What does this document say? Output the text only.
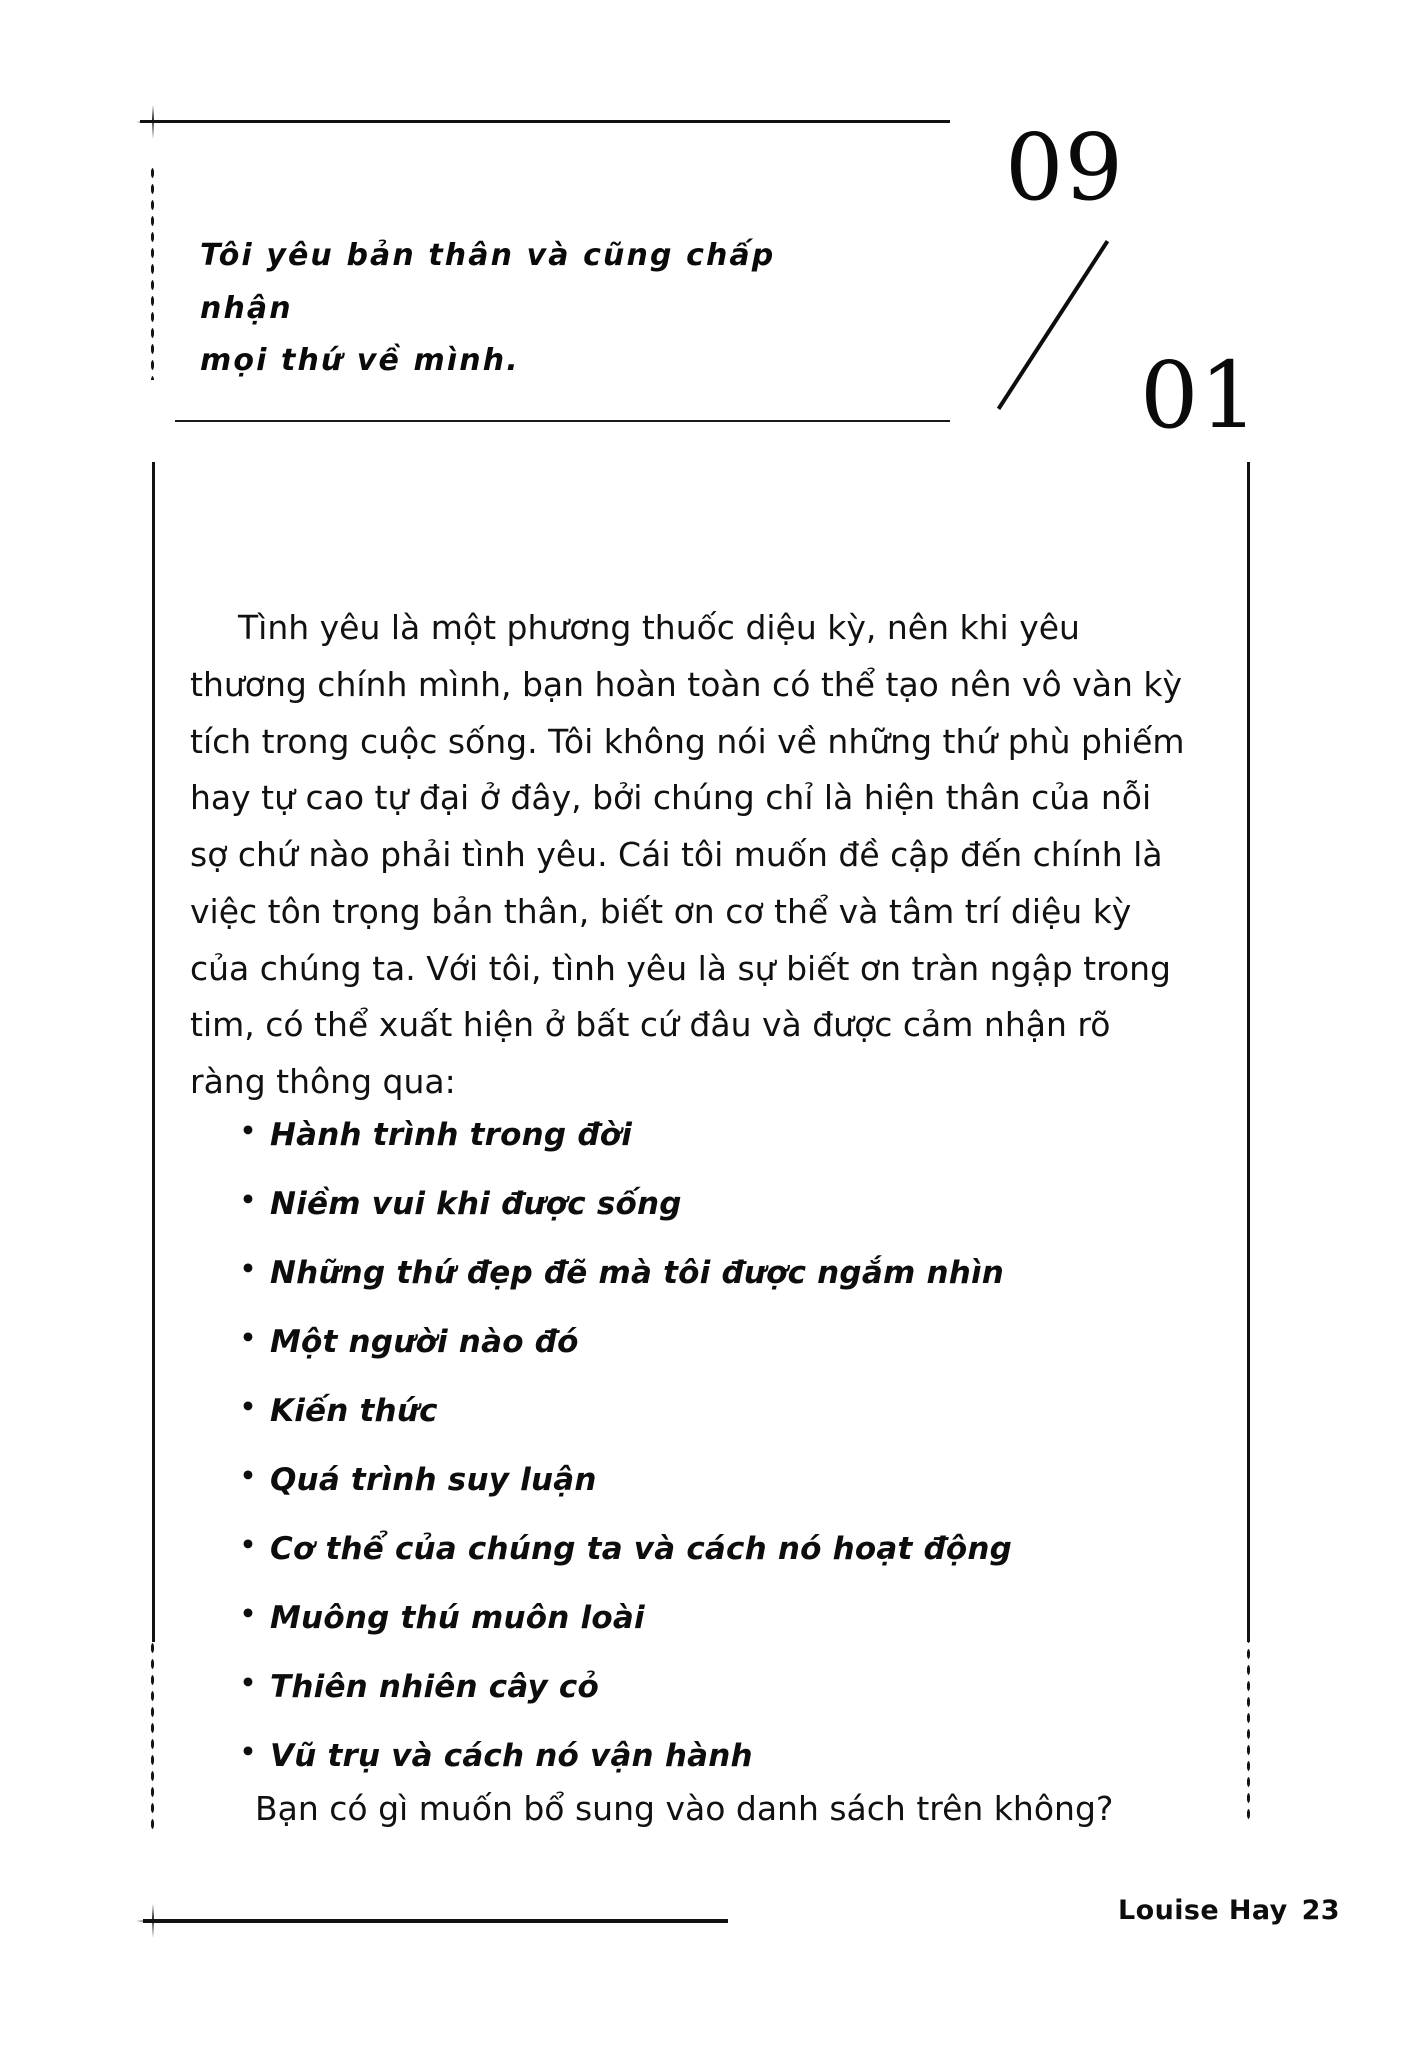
Tôi yêu bản thân và cũng chấp nhận
mọi thứ về mình.
09
01
Tình yêu là một phương thuốc diệu kỳ, nên khi yêu thương chính mình, bạn hoàn toàn có thể tạo nên vô vàn kỳ tích trong cuộc sống. Tôi không nói về những thứ phù phiếm hay tự cao tự đại ở đây, bởi chúng chỉ là hiện thân của nỗi sợ chứ nào phải tình yêu. Cái tôi muốn đề cập đến chính là việc tôn trọng bản thân, biết ơn cơ thể và tâm trí diệu kỳ của chúng ta. Với tôi, tình yêu là sự biết ơn tràn ngập trong tim, có thể xuất hiện ở bất cứ đâu và được cảm nhận rõ ràng thông qua:
• Hành trình trong đời
• Niềm vui khi được sống
• Những thứ đẹp đẽ mà tôi được ngắm nhìn
• Một người nào đó
• Kiến thức
• Quá trình suy luận
• Cơ thể của chúng ta và cách nó hoạt động
• Muông thú muôn loài
• Thiên nhiên cây cỏ
• Vũ trụ và cách nó vận hành
Bạn có gì muốn bổ sung vào danh sách trên không?
Louise Hay 23
